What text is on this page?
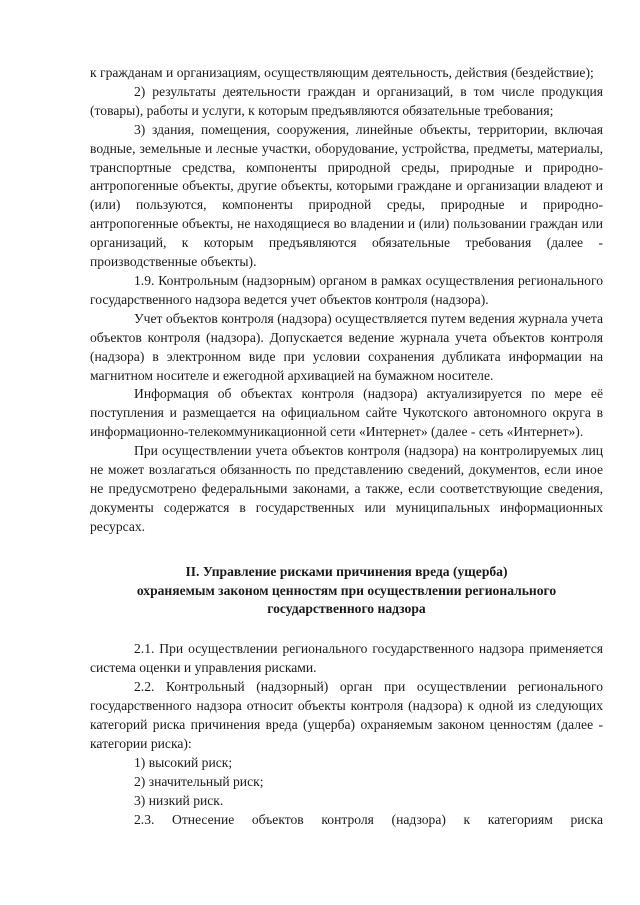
к гражданам и организациям, осуществляющим деятельность, действия (бездействие);

2) результаты деятельности граждан и организаций, в том числе продукция (товары), работы и услуги, к которым предъявляются обязательные требования;

3) здания, помещения, сооружения, линейные объекты, территории, включая водные, земельные и лесные участки, оборудование, устройства, предметы, материалы, транспортные средства, компоненты природной среды, природные и природно-антропогенные объекты, другие объекты, которыми граждане и организации владеют и (или) пользуются, компоненты природной среды, природные и природно-антропогенные объекты, не находящиеся во владении и (или) пользовании граждан или организаций, к которым предъявляются обязательные требования (далее - производственные объекты).

1.9. Контрольным (надзорным) органом в рамках осуществления регионального государственного надзора ведется учет объектов контроля (надзора).

Учет объектов контроля (надзора) осуществляется путем ведения журнала учета объектов контроля (надзора). Допускается ведение журнала учета объектов контроля (надзора) в электронном виде при условии сохранения дубликата информации на магнитном носителе и ежегодной архивацией на бумажном носителе.

Информация об объектах контроля (надзора) актуализируется по мере её поступления и размещается на официальном сайте Чукотского автономного округа в информационно-телекоммуникационной сети «Интернет» (далее - сеть «Интернет»).

При осуществлении учета объектов контроля (надзора) на контролируемых лиц не может возлагаться обязанность по представлению сведений, документов, если иное не предусмотрено федеральными законами, а также, если соответствующие сведения, документы содержатся в государственных или муниципальных информационных ресурсах.

II. Управление рисками причинения вреда (ущерба)
охраняемым законом ценностям при осуществлении регионального
государственного надзора

2.1. При осуществлении регионального государственного надзора применяется система оценки и управления рисками.

2.2. Контрольный (надзорный) орган при осуществлении регионального государственного надзора относит объекты контроля (надзора) к одной из следующих категорий риска причинения вреда (ущерба) охраняемым законом ценностям (далее - категории риска):

1) высокий риск;

2) значительный риск;

3) низкий риск.

2.3. Отнесение объектов контроля (надзора) к категориям риска
